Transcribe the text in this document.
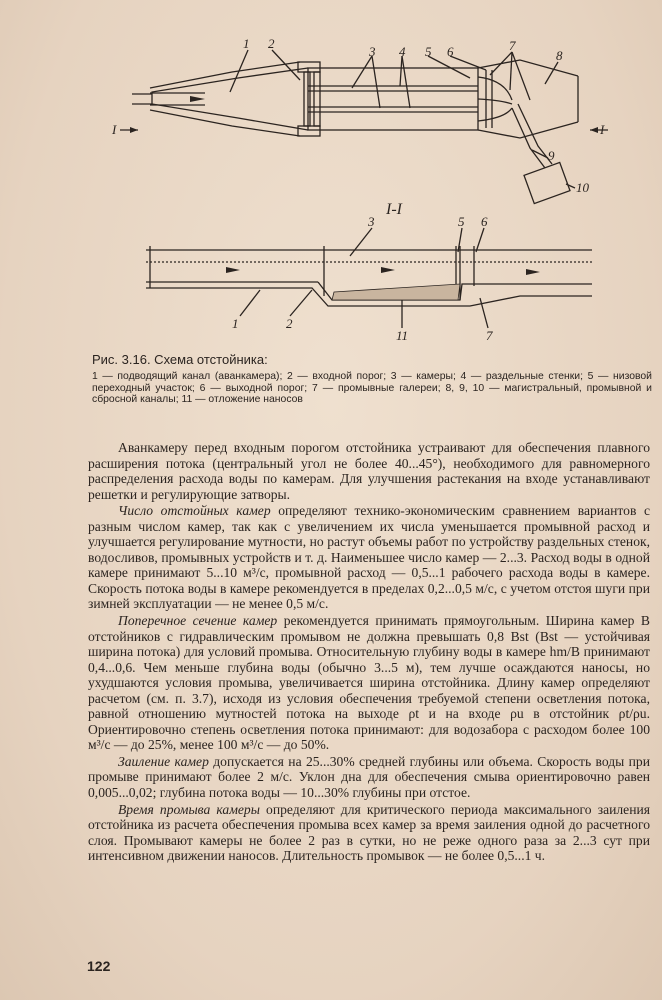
1 2
3 4 5 6	7
8
9
10
I	I
I-I
3	5 6
1	2
11	7

Рис. 3.16. Схема отстойника:

1 — подводящий канал (аванкамера); 2 — входной порог; 3 — камеры; 4 — раздельные стенки; 5 — низовой переходный участок; 6 — выходной порог; 7 — промывные галереи; 8, 9, 10 — магистральный, промывной и сбросной каналы; 11 — отложение наносов

Аванкамеру перед входным порогом отстойника устраивают для обеспечения плавного расширения потока (центральный угол не более 40...45°), необходимого для равномерного распределения расхода воды по камерам. Для улучшения растекания на входе устанавливают решетки и регулирующие затворы.

Число отстойных камер определяют технико-экономическим сравнением вариантов с разным числом камер, так как с увеличением их числа уменьшается промывной расход и улучшается регулирование мутности, но растут объемы работ по устройству раздельных стенок, водосливов, промывных устройств и т. д. Наименьшее число камер — 2...3. Расход воды в одной камере принимают 5...10 м³/с, промывной расход — 0,5...1 рабочего расхода воды в камере. Скорость потока воды в камере рекомендуется в пределах 0,2...0,5 м/с, с учетом отстоя шуги при зимней эксплуатации — не менее 0,5 м/с.

Поперечное сечение камер рекомендуется принимать прямоугольным. Ширина камер B отстойников с гидравлическим промывом не должна превышать 0,8 Bst (Bst — устойчивая ширина потока) для условий промыва. Относительную глубину воды в камере hm/B принимают 0,4...0,6. Чем меньше глубина воды (обычно 3...5 м), тем лучше осаждаются наносы, но ухудшаются условия промыва, увеличивается ширина отстойника. Длину камер определяют расчетом (см. п. 3.7), исходя из условия обеспечения требуемой степени осветления потока, равной отношению мутностей потока на выходе ρt и на входе ρu в отстойник ρt/ρu. Ориентировочно степень осветления потока принимают: для водозабора с расходом более 100 м³/с — до 25%, менее 100 м³/с — до 50%.

Заиление камер допускается на 25...30% средней глубины или объема. Скорость воды при промыве принимают более 2 м/с. Уклон дна для обеспечения смыва ориентировочно равен 0,005...0,02; глубина потока воды — 10...30% глубины при отстое.

Время промыва камеры определяют для критического периода максимального заиления отстойника из расчета обеспечения промыва всех камер за время заиления одной до расчетного слоя. Промывают камеры не более 2 раз в сутки, но не реже одного раза за 2...3 сут при интенсивном движении наносов. Длительность промывок — не более 0,5...1 ч.

122
